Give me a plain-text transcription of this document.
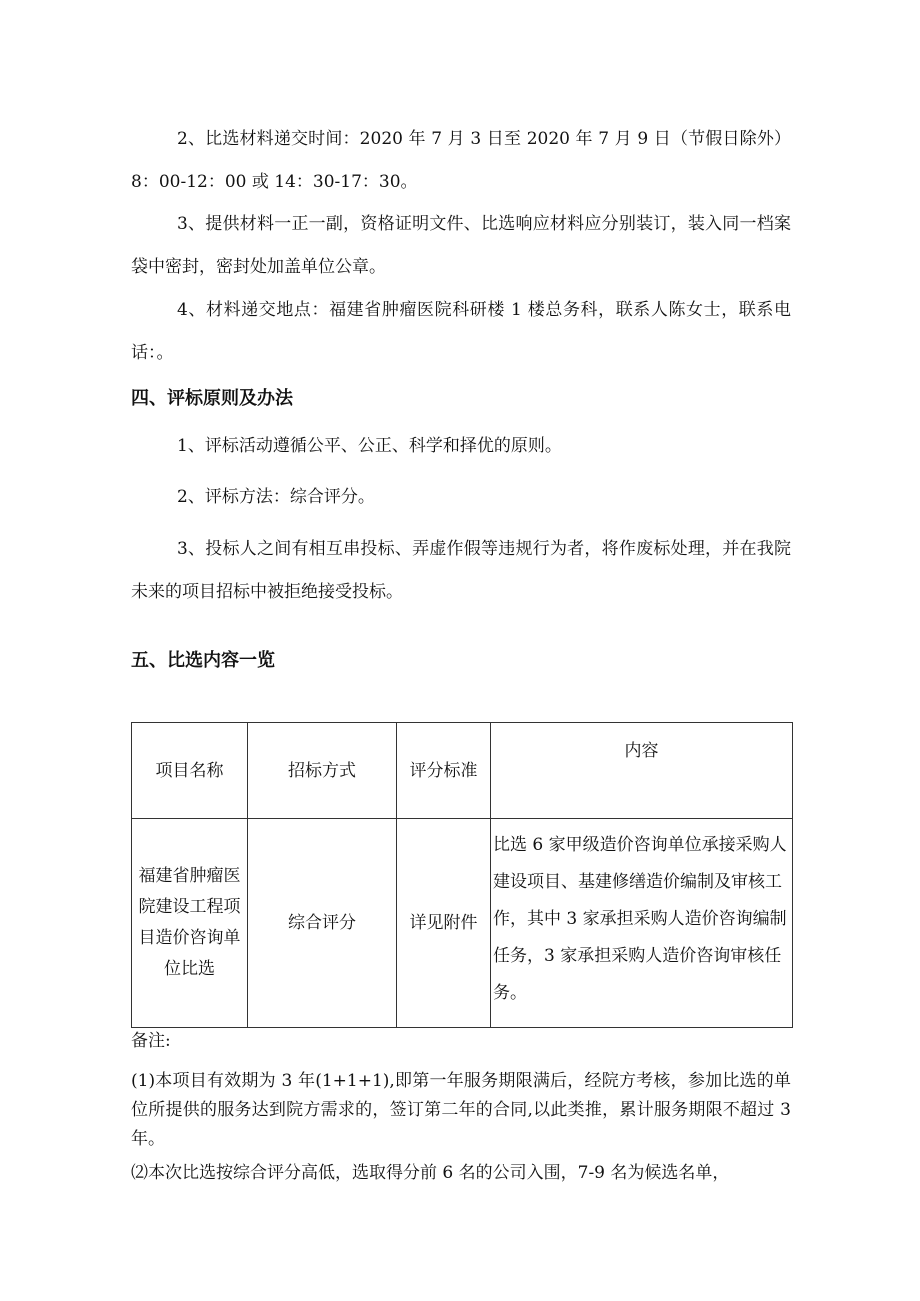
2、比选材料递交时间：2020 年 7 月 3 日至 2020 年 7 月 9 日（节假日除外）8：00-12：00 或 14：30-17：30。

3、提供材料一正一副，资格证明文件、比选响应材料应分别装订，装入同一档案袋中密封，密封处加盖单位公章。

4、材料递交地点：福建省肿瘤医院科研楼 1 楼总务科，联系人陈女士，联系电话：。

四、评标原则及办法

1、评标活动遵循公平、公正、科学和择优的原则。

2、评标方法：综合评分。

3、投标人之间有相互串投标、弄虚作假等违规行为者，将作废标处理，并在我院未来的项目招标中被拒绝接受投标。

五、比选内容一览
项目名称	招标方式	评分标准	内容
福建省肿瘤医院建设工程项目造价咨询单位比选	综合评分	详见附件	比选 6 家甲级造价咨询单位承接采购人建设项目、基建修缮造价编制及审核工作，其中 3 家承担采购人造价咨询编制任务，3 家承担采购人造价咨询审核任务。

备注:

(1)本项目有效期为 3 年(1+1+1),即第一年服务期限满后，经院方考核，参加比选的单位所提供的服务达到院方需求的，签订第二年的合同,以此类推，累计服务期限不超过 3 年。

⑵本次比选按综合评分高低，选取得分前 6 名的公司入围，7-9 名为候选名单，
